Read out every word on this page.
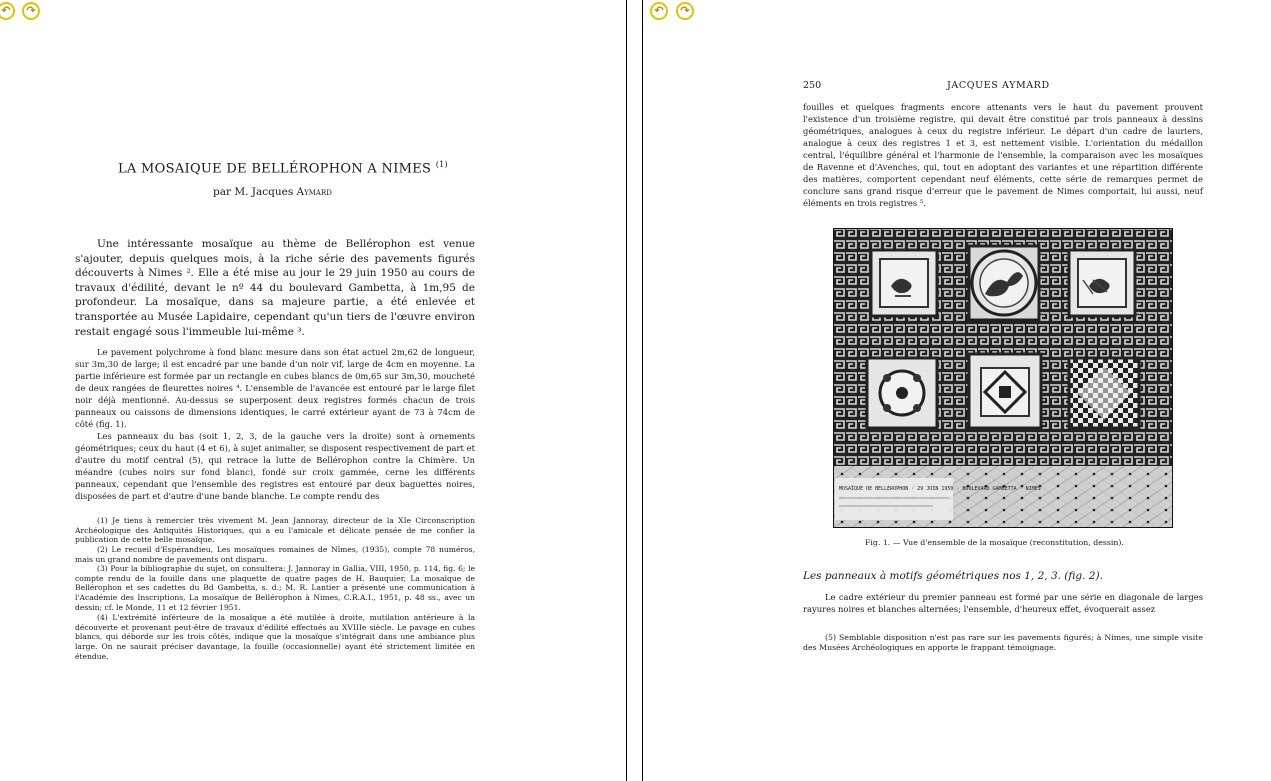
↶	↷
LA MOSAIQUE DE BELLÉROPHON A NIMES $^{(1)}$
par M. Jacques Aymard

Une intéressante mosaïque au thème de Bellérophon est venue s'ajouter, depuis quelques mois, à la riche série des pavements figurés découverts à Nimes ². Elle a été mise au jour le 29 juin 1950 au cours de travaux d'édilité, devant le nº 44 du boulevard Gambetta, à 1m,95 de profondeur. La mosaïque, dans sa majeure partie, a été enlevée et transportée au Musée Lapidaire, cependant qu'un tiers de l'œuvre environ restait engagé sous l'immeuble lui-même ³.

Le pavement polychrome à fond blanc mesure dans son état actuel 2m,62 de longueur, sur 3m,30 de large; il est encadré par une bande d'un noir vif, large de 4cm en moyenne. La partie inférieure est formée par un rectangle en cubes blancs de 0m,65 sur 3m,30, moucheté de deux rangées de fleurettes noires ⁴. L'ensemble de l'avancée est entouré par le large filet noir déjà mentionné. Au-dessus se superposent deux registres formés chacun de trois panneaux ou caissons de dimensions identiques, le carré extérieur ayant de 73 à 74cm de côté (fig. 1).

Les panneaux du bas (soit 1, 2, 3, de la gauche vers la droite) sont à ornements géométriques; ceux du haut (4 et 6), à sujet animalier, se disposent respectivement de part et d'autre du motif central (5), qui retrace la lutte de Bellérophon contre la Chimère. Un méandre (cubes noirs sur fond blanc), fondé sur croix gammée, cerne les différents panneaux, cependant que l'ensemble des registres est entouré par deux baguettes noires, disposées de part et d'autre d'une bande blanche. Le compte rendu des

(1) Je tiens à remercier très vivement M. Jean Jannoray, directeur de la XIe Circonscription Archéologique des Antiquités Historiques, qui a eu l'amicale et délicate pensée de me confier la publication de cette belle mosaïque.

(2) Le recueil d'Espérandieu, Les mosaïques romaines de Nîmes, (1935), compte 78 numéros, mais un grand nombre de pavements ont disparu.

(3) Pour la bibliographie du sujet, on consultera: J. Jannoray in Gallia, VIII, 1950, p. 114, fig. 6; le compte rendu de la fouille dans une plaquette de quatre pages de H. Bauquier, La mosaïque de Bellérophon et ses cadettes du Bd Gambetta, s. d.; M. R. Lantier a présenté une communication à l'Académie des Inscriptions, La mosaïque de Bellérophon à Nimes, C.R.A.I., 1951, p. 48 ss., avec un dessin; cf. le Monde, 11 et 12 février 1951.

(4) L'extrémité inférieure de la mosaïque a été mutilée à droite, mutilation antérieure à la découverte et provenant peut-être de travaux d'édilité effectués au XVIIIe siècle. Le pavage en cubes blancs, qui déborde sur les trois côtés, indique que la mosaïque s'intégrait dans une ambiance plus large. On ne saurait préciser davantage, la fouille (occasionnelle) ayant été strictement limitée en étendue.

↶	↷
250	JACQUES AYMARD

fouilles et quelques fragments encore attenants vers le haut du pavement prouvent l'existence d'un troisième registre, qui devait être constitué par trois panneaux à dessins géométriques, analogues à ceux du registre inférieur. Le départ d'un cadre de lauriers, analogue à ceux des registres 1 et 3, est nettement visible. L'orientation du médaillon central, l'équilibre général et l'harmonie de l'ensemble, la comparaison avec les mosaïques de Ravenne et d'Avenches, qui, tout en adoptant des variantes et une répartition différente des matières, comportent cependant neuf éléments, cette série de remarques permet de conclure sans grand risque d'erreur que le pavement de Nimes comportait, lui aussi, neuf éléments en trois registres ⁵.

MOSAÏQUE DE BELLÉROPHON · 29 JUIN 1950 · BOULEVARD GAMBETTA · NIMES
Fig. 1. — Vue d'ensemble de la mosaïque (reconstitution, dessin).
Les panneaux à motifs géométriques nos 1, 2, 3. (fig. 2).

Le cadre extérieur du premier panneau est formé par une série en diagonale de larges rayures noires et blanches alternées; l'ensemble, d'heureux effet, évoquerait assez

(5) Semblable disposition n'est pas rare sur les pavements figurés; à Nimes, une simple visite des Musées Archéologiques en apporte le frappant témoignage.
